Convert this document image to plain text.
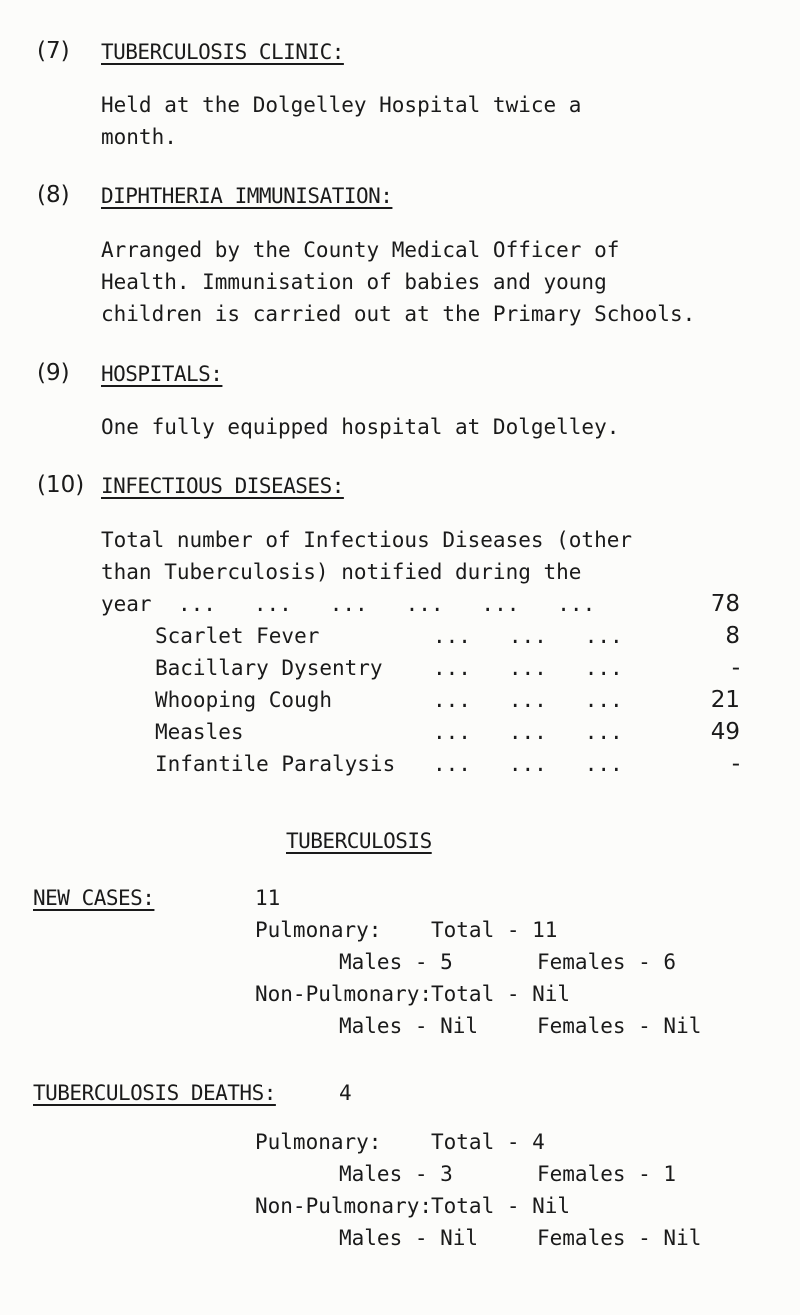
(7) TUBERCULOSIS CLINIC:
Held at the Dolgelley Hospital twice a
month.
(8) DIPHTHERIA IMMUNISATION:
Arranged by the County Medical Officer of
Health. Immunisation of babies and young
children is carried out at the Primary Schools.
(9) HOSPITALS:
One fully equipped hospital at Dolgelley.
(10) INFECTIOUS DISEASES:
Total number of Infectious Diseases (other
than Tuberculosis) notified during the
year ...   ...   ...   ...   ...   ...	78
Scarlet Fever	...   ...   ...	8
Bacillary Dysentry ...   ...   ...	-
Whooping Cough	...   ...   ...	21
Measles	...   ...   ...	49
Infantile Paralysis ...   ...   ...	-
TUBERCULOSIS
NEW CASES:	11
Pulmonary: Total - 11
Males - 5	Females - 6
Non-Pulmonary:
Total - Nil
Males - Nil	Females - Nil
TUBERCULOSIS DEATHS:	4
Pulmonary: Total - 4
Males - 3	Females - 1
Non-Pulmonary:
Total - Nil
Males - Nil	Females - Nil
